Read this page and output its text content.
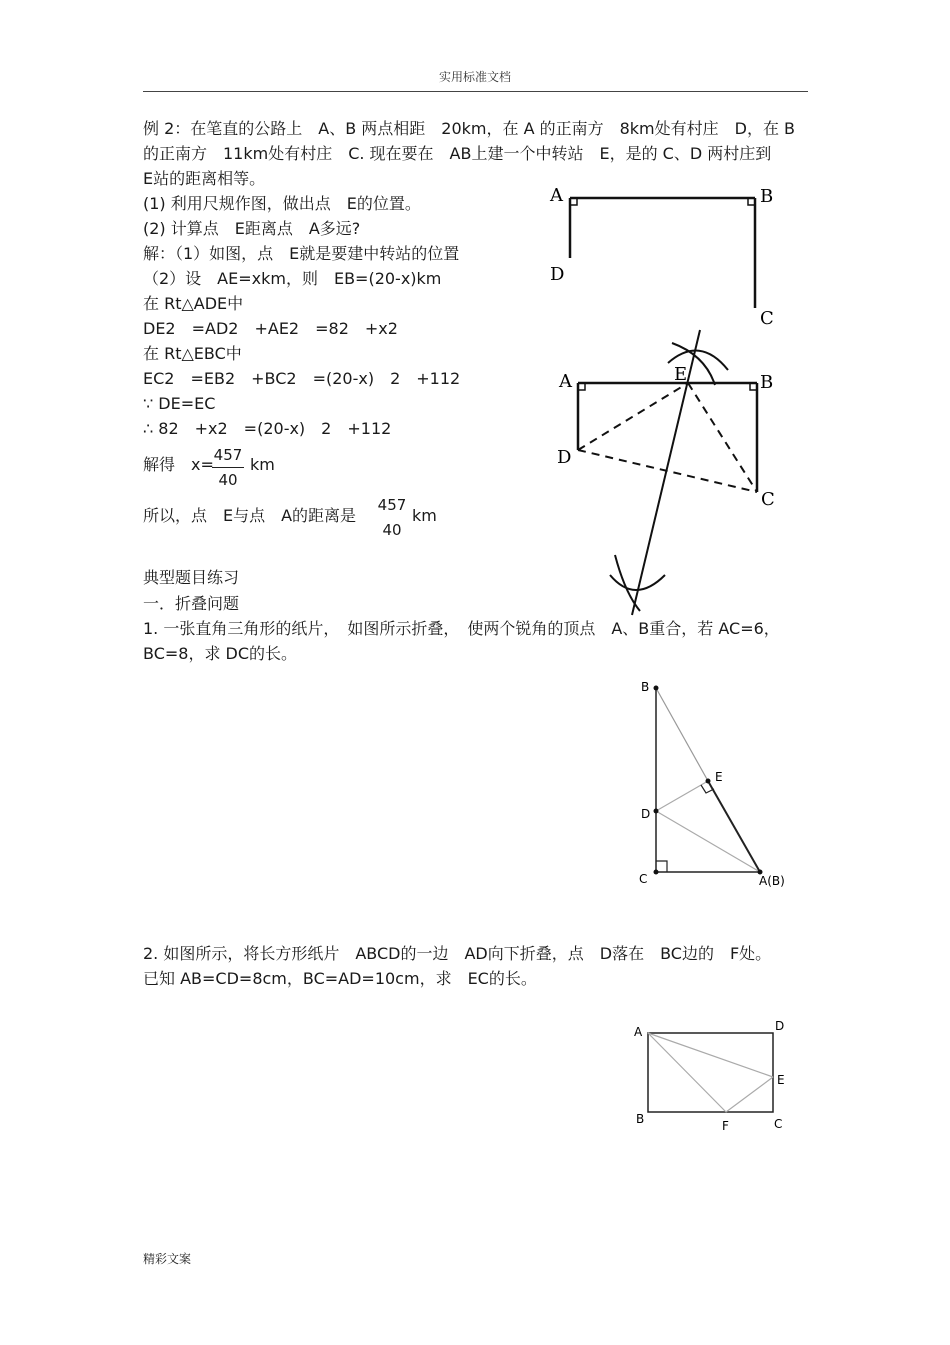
实用标准文档
例 2：在笔直的公路上　A、B 两点相距　20km，在 A 的正南方　8km处有村庄　D，在 B
的正南方　11km处有村庄　C. 现在要在　AB上建一个中转站　E，是的 C、D 两村庄到
E站的距离相等。
(1) 利用尺规作图，做出点　E的位置。
(2) 计算点　E距离点　A多远?
解：（1）如图，点　E就是要建中转站的位置
（2）设　AE=xkm，则　EB=(20-x)km
在 Rt△ADE中
DE2　=AD2　+AE2　=82　+x2
在 Rt△EBC中
EC2　=EB2　+BC2　=(20-x)　2　+112
∵ DE=EC
∴ 82　+x2　=(20-x)　2　+112
解得　x= 457
40
km
所以，点　E与点　A的距离是
457
40
km
典型题目练习
一．折叠问题
1. 一张直角三角形的纸片，　如图所示折叠，　使两个锐角的顶点　A、B重合，若 AC=6，
BC=8，求 DC的长。
2. 如图所示，将长方形纸片　ABCD的一边　AD向下折叠，点　D落在　BC边的　F处。
已知 AB=CD=8cm，BC=AD=10cm，求　EC的长。
A	B
D
C
A	E	B
D
C
B
E
D
C	A(B)
A	D
E
B	F	C
精彩文案
